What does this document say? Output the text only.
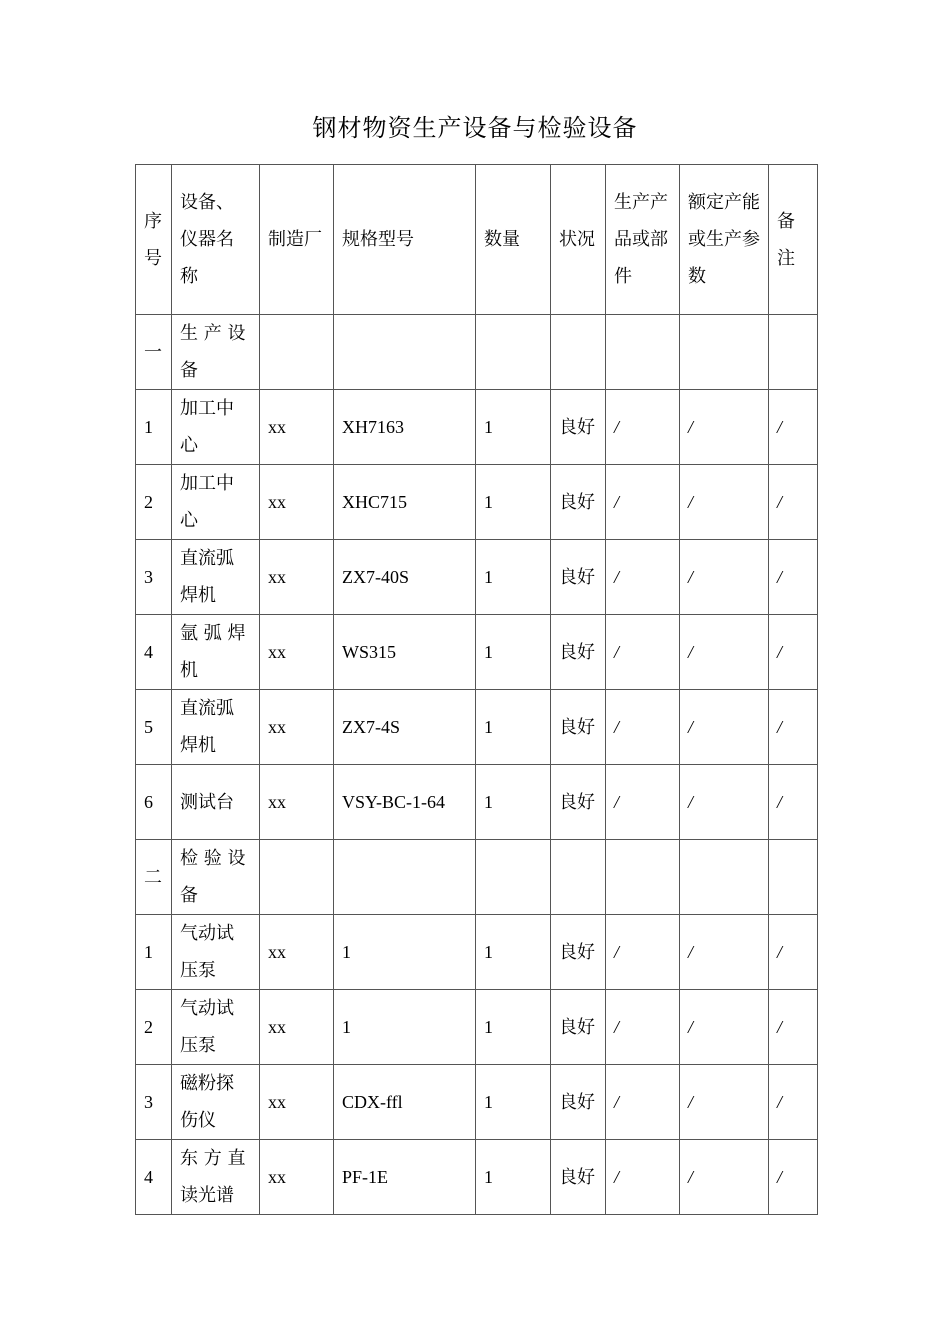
钢材物资生产设备与检验设备
序号	设备、仪器名称	制造厂	规格型号	数量	状况	生产产品或部件	额定产能或生产参数	备注
一	生 产 设 备							
1	加工中心	xx	XH7163	1	良好	/	/	/
2	加工中心	xx	XHC715	1	良好	/	/	/
3	直流弧焊机	xx	ZX7-40S	1	良好	/	/	/
4	氩 弧 焊 机	xx	WS315	1	良好	/	/	/
5	直流弧焊机	xx	ZX7-4S	1	良好	/	/	/
6	测试台	xx	VSY-BC-1-64	1	良好	/	/	/
二	检 验 设 备							
1	气动试压泵	xx	1	1	良好	/	/	/
2	气动试压泵	xx	1	1	良好	/	/	/
3	磁粉探伤仪	xx	CDX-ffl	1	良好	/	/	/
4	东 方 直 读光谱	xx	PF-1E	1	良好	/	/	/
